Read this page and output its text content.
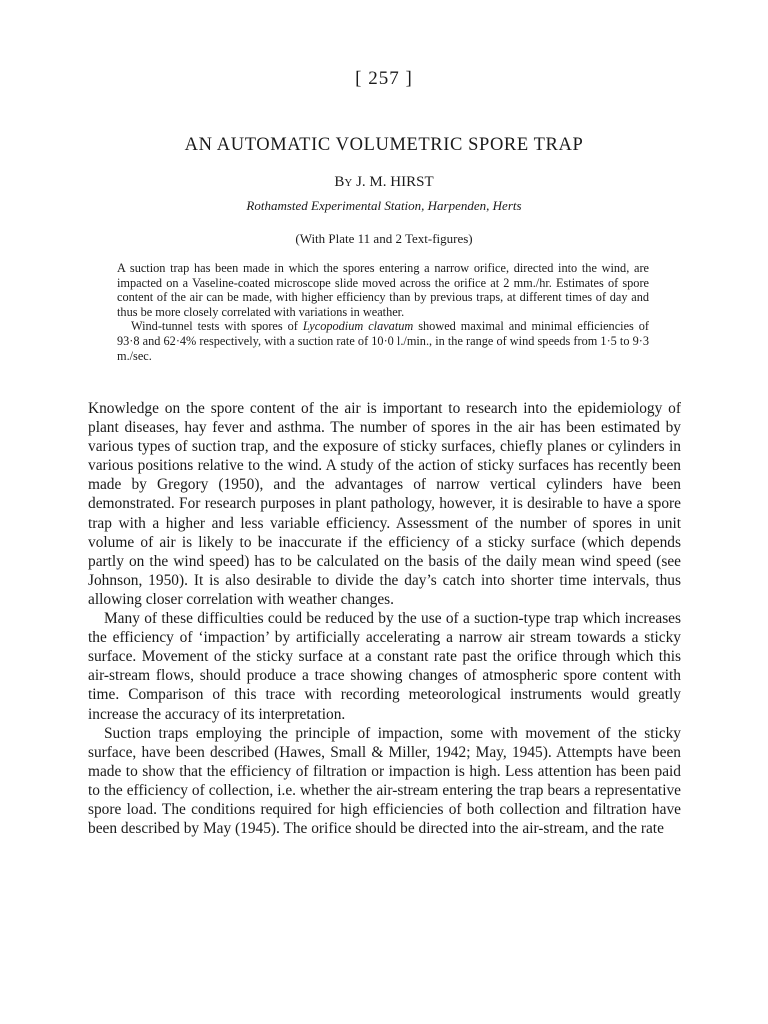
[ 257 ]
AN AUTOMATIC VOLUMETRIC SPORE TRAP
By J. M. HIRST
Rothamsted Experimental Station, Harpenden, Herts
(With Plate 11 and 2 Text-figures)

A suction trap has been made in which the spores entering a narrow orifice, directed into the wind, are impacted on a Vaseline-coated microscope slide moved across the orifice at 2 mm./hr. Estimates of spore content of the air can be made, with higher efficiency than by previous traps, at different times of day and thus be more closely correlated with variations in weather.

Wind-tunnel tests with spores of Lycopodium clavatum showed maximal and minimal efficiencies of 93·8 and 62·4% respectively, with a suction rate of 10·0 l./min., in the range of wind speeds from 1·5 to 9·3 m./sec.

Knowledge on the spore content of the air is important to research into the epidemiology of plant diseases, hay fever and asthma. The number of spores in the air has been estimated by various types of suction trap, and the exposure of sticky surfaces, chiefly planes or cylinders in various positions relative to the wind. A study of the action of sticky surfaces has recently been made by Gregory (1950), and the advantages of narrow vertical cylinders have been demonstrated. For research purposes in plant pathology, however, it is desirable to have a spore trap with a higher and less variable efficiency. Assessment of the number of spores in unit volume of air is likely to be inaccurate if the efficiency of a sticky surface (which depends partly on the wind speed) has to be calculated on the basis of the daily mean wind speed (see Johnson, 1950). It is also desirable to divide the day’s catch into shorter time intervals, thus allowing closer correlation with weather changes.

Many of these difficulties could be reduced by the use of a suction-type trap which increases the efficiency of ‘impaction’ by artificially accelerating a narrow air stream towards a sticky surface. Movement of the sticky surface at a constant rate past the orifice through which this air-stream flows, should produce a trace showing changes of atmospheric spore content with time. Comparison of this trace with recording meteorological instruments would greatly increase the accuracy of its interpretation.

Suction traps employing the principle of impaction, some with movement of the sticky surface, have been described (Hawes, Small & Miller, 1942; May, 1945). Attempts have been made to show that the efficiency of filtration or impaction is high. Less attention has been paid to the efficiency of collection, i.e. whether the air-stream entering the trap bears a representative spore load. The conditions required for high efficiencies of both collection and filtration have been described by May (1945). The orifice should be directed into the air-stream, and the rate
